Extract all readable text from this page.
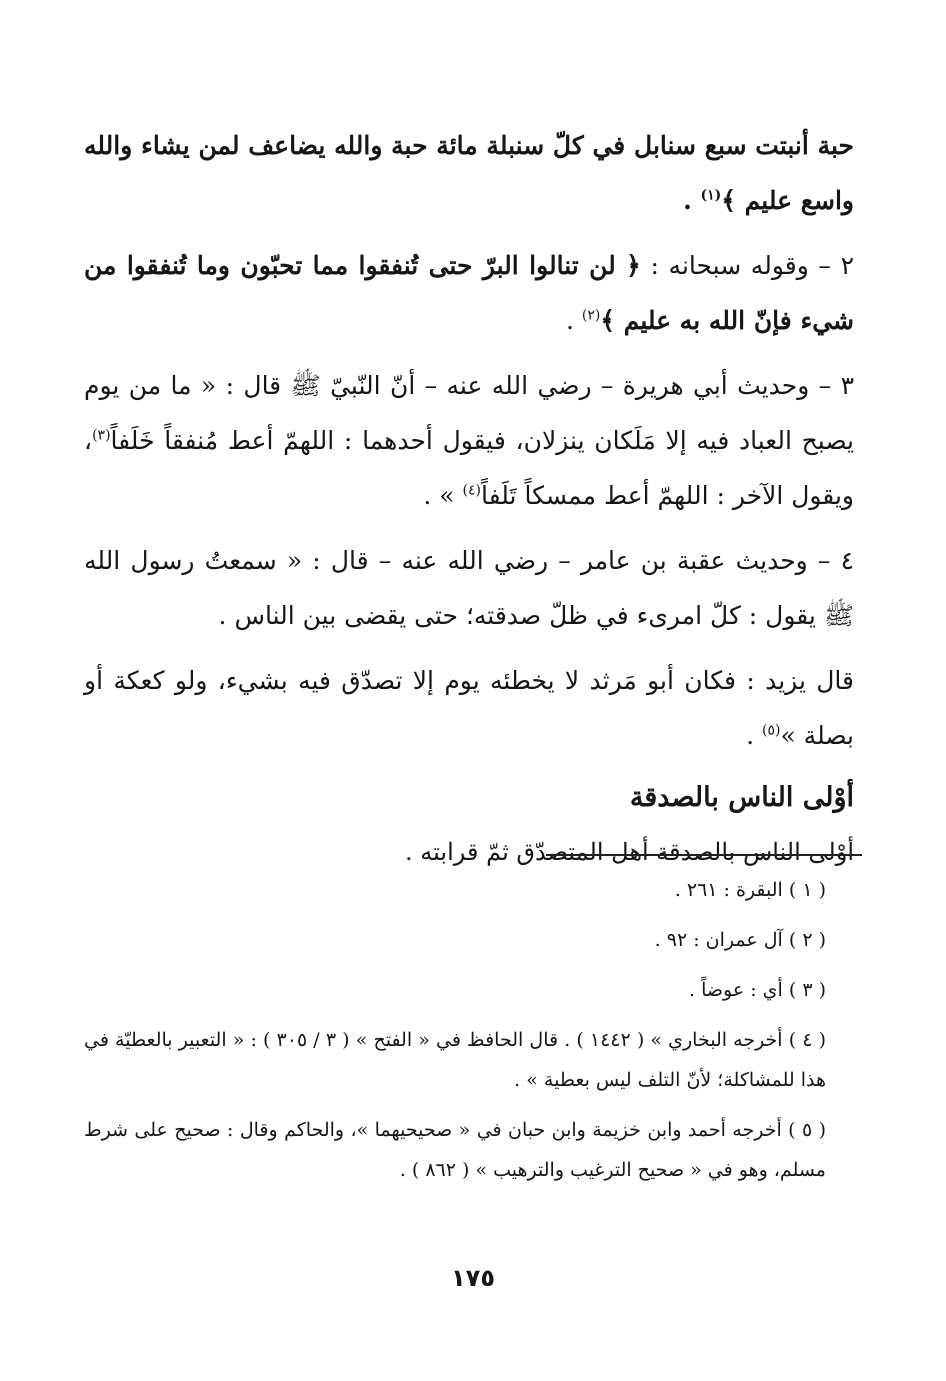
حبة أنبتت سبع سنابل في كلّ سنبلة مائة حبة والله يضاعف لمن يشاء والله واسع عليم ﴾$^{(١)}$ .

٢ – وقوله سبحانه : ﴿ لن تنالوا البرّ حتى تُنفقوا مما تحبّون وما تُنفقوا من شيء فإنّ الله به عليم ﴾$^{(٢)}$ .

٣ – وحديث أبي هريرة – رضي الله عنه – أنّ النّبيّ ﷺ قال : « ما من يوم يصبح العباد فيه إلا مَلَكان ينزلان، فيقول أحدهما : اللهمّ أعط مُنفقاً خَلَفاً$^{(٣)}$، ويقول الآخر : اللهمّ أعط ممسكاً تَلَفاً$^{(٤)}$ » .

٤ – وحديث عقبة بن عامر – رضي الله عنه – قال : « سمعتُ رسول الله ﷺ يقول : كلّ امرىء في ظلّ صدقته؛ حتى يقضى بين الناس .

قال يزيد : فكان أبو مَرثد لا يخطئه يوم إلا تصدّق فيه بشيء، ولو كعكة أو بصلة »$^{(٥)}$ .

أوْلى الناس بالصدقة

أوْلى الناس بالصدقة أهل المتصدّق ثمّ قرابته .

( ١ ) البقرة : ٢٦١ .

( ٢ ) آل عمران : ٩٢ .

( ٣ ) أي : عوضاً .

( ٤ ) أخرجه البخاري » ( ١٤٤٢ ) . قال الحافظ في « الفتح » ( ٣ / ٣٠٥ ) : « التعبير بالعطيّة في هذا للمشاكلة؛ لأنّ التلف ليس بعطية » .

( ٥ ) أخرجه أحمد وابن خزيمة وابن حبان في « صحيحيهما »، والحاكم وقال : صحيح على شرط مسلم، وهو في « صحيح الترغيب والترهيب » ( ٨٦٢ ) .

١٧٥
